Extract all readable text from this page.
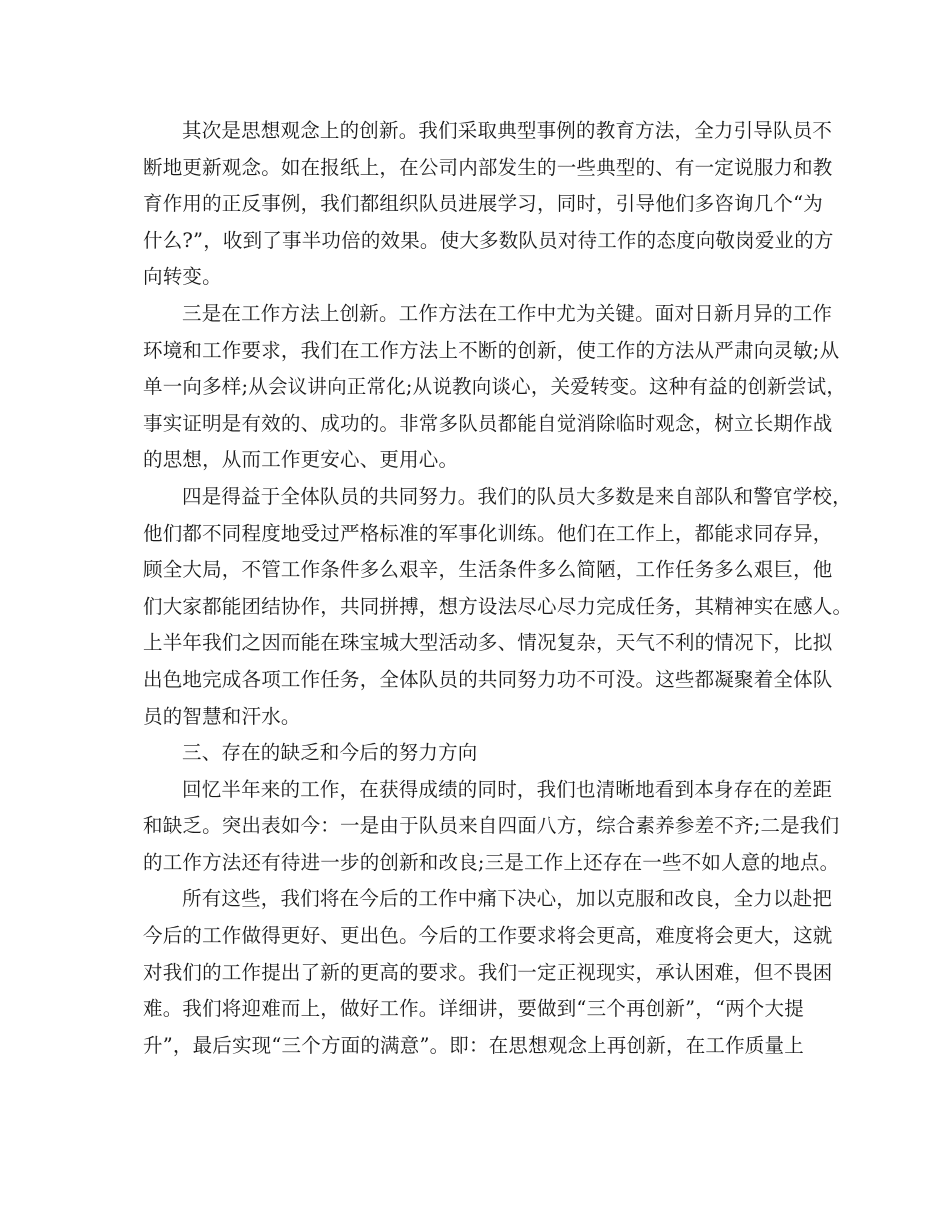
其次是思想观念上的创新。我们采取典型事例的教育方法，全力引导队员不
断地更新观念。如在报纸上，在公司内部发生的一些典型的、有一定说服力和教
育作用的正反事例，我们都组织队员进展学习，同时，引导他们多咨询几个“为
什么?”，收到了事半功倍的效果。使大多数队员对待工作的态度向敬岗爱业的方
向转变。
三是在工作方法上创新。工作方法在工作中尤为关键。面对日新月异的工作
环境和工作要求，我们在工作方法上不断的创新，使工作的方法从严肃向灵敏;从
单一向多样;从会议讲向正常化;从说教向谈心，关爱转变。这种有益的创新尝试，
事实证明是有效的、成功的。非常多队员都能自觉消除临时观念，树立长期作战
的思想，从而工作更安心、更用心。
四是得益于全体队员的共同努力。我们的队员大多数是来自部队和警官学校，
他们都不同程度地受过严格标准的军事化训练。他们在工作上，都能求同存异，
顾全大局，不管工作条件多么艰辛，生活条件多么简陋，工作任务多么艰巨，他
们大家都能团结协作，共同拼搏，想方设法尽心尽力完成任务，其精神实在感人。
上半年我们之因而能在珠宝城大型活动多、情况复杂，天气不利的情况下，比拟
出色地完成各项工作任务，全体队员的共同努力功不可没。这些都凝聚着全体队
员的智慧和汗水。
三、存在的缺乏和今后的努力方向
回忆半年来的工作，在获得成绩的同时，我们也清晰地看到本身存在的差距
和缺乏。突出表如今：一是由于队员来自四面八方，综合素养参差不齐;二是我们
的工作方法还有待进一步的创新和改良;三是工作上还存在一些不如人意的地点。
所有这些，我们将在今后的工作中痛下决心，加以克服和改良，全力以赴把
今后的工作做得更好、更出色。今后的工作要求将会更高，难度将会更大，这就
对我们的工作提出了新的更高的要求。我们一定正视现实，承认困难，但不畏困
难。我们将迎难而上，做好工作。详细讲，要做到“三个再创新”，“两个大提
升”，最后实现“三个方面的满意”。即：在思想观念上再创新，在工作质量上
